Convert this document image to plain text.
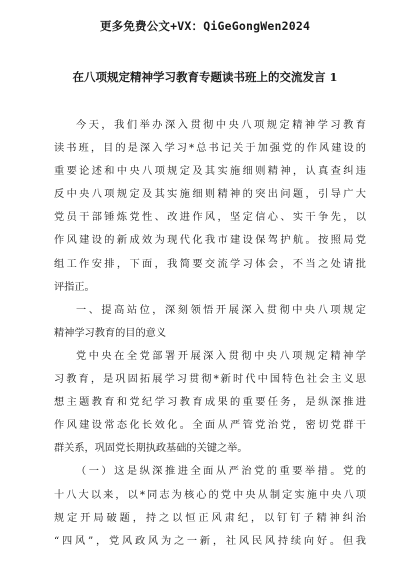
更多免费公文+VX：QiGeGongWen2024
在八项规定精神学习教育专题读书班上的交流发言 1
今天，我们举办深入贯彻中央八项规定精神学习教育
读书班，目的是深入学习*总书记关于加强党的作风建设的
重要论述和中央八项规定及其实施细则精神，认真查纠违
反中央八项规定及其实施细则精神的突出问题，引导广大
党员干部锤炼党性、改进作风，坚定信心、实干争先，以
作风建设的新成效为现代化我市建设保驾护航。按照局党
组工作安排，下面，我简要交流学习体会，不当之处请批
评指正。
一、提高站位，深刻领悟开展深入贯彻中央八项规定
精神学习教育的目的意义
党中央在全党部署开展深入贯彻中央八项规定精神学
习教育，是巩固拓展学习贯彻*新时代中国特色社会主义思
想主题教育和党纪学习教育成果的重要任务，是纵深推进
作风建设常态化长效化。全面从严管党治党，密切党群干
群关系，巩固党长期执政基础的关键之举。
（一）这是纵深推进全面从严治党的重要举措。党的
十八大以来，以*同志为核心的党中央从制定实施中央八项
规定开局破题，持之以恒正风肃纪，以钉钉子精神纠治
“四风”，党风政风为之一新，社风民风持续向好。但我
